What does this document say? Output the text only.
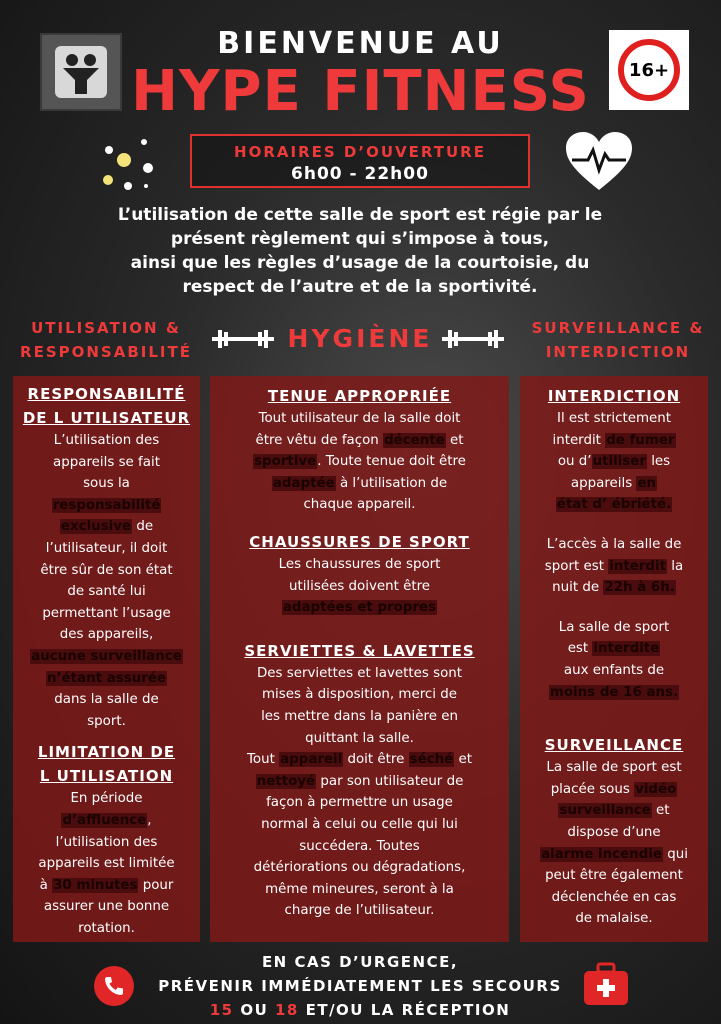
16+
BIENVENUE AU
HYPE FITNESS
HORAIRES D’OUVERTURE
6h00 - 22h00
L’utilisation de cette salle de sport est régie par le
présent règlement qui s’impose à tous,
ainsi que les règles d’usage de la courtoisie, du
respect de l’autre et de la sportivité.
UTILISATION &
RESPONSABILITÉ	HYGIÈNE	SURVEILLANCE &
INTERDICTION
RESPONSABILITÉ
DE L UTILISATEUR
L’utilisation des
appareils se fait
sous la
responsabilité
exclusive de
l’utilisateur, il doit
être sûr de son état
de santé lui
permettant l’usage
des appareils,
aucune surveillance
n’étant assurée
dans la salle de
sport.
LIMITATION DE
L UTILISATION
En période
d’affluence,
l’utilisation des
appareils est limitée
à 30 minutes pour
assurer une bonne
rotation.
TENUE APPROPRIÉE
Tout utilisateur de la salle doit
être vêtu de façon décente et
sportive. Toute tenue doit être
adaptée à l’utilisation de
chaque appareil.
CHAUSSURES DE SPORT
Les chaussures de sport
utilisées doivent être
adaptées et propres
SERVIETTES & LAVETTES
Des serviettes et lavettes sont
mises à disposition, merci de
les mettre dans la panière en
quittant la salle.
Tout appareil doit être séché et
nettoyé par son utilisateur de
façon à permettre un usage
normal à celui ou celle qui lui
succédera. Toutes
détériorations ou dégradations,
même mineures, seront à la
charge de l’utilisateur.
INTERDICTION
Il est strictement
interdit de fumer
ou d’utiliser les
appareils en
état d’ ébriété.
L’accès à la salle de
sport est interdit la
nuit de 22h à 6h.
La salle de sport
est interdite
aux enfants de
moins de 16 ans.
SURVEILLANCE
La salle de sport est
placée sous vidéo
surveillance et
dispose d’une
alarme incendie qui
peut être également
déclenchée en cas
de malaise.
EN CAS D’URGENCE,
PRÉVENIR IMMÉDIATEMENT LES SECOURS
15 OU 18 ET/OU LA RÉCEPTION
